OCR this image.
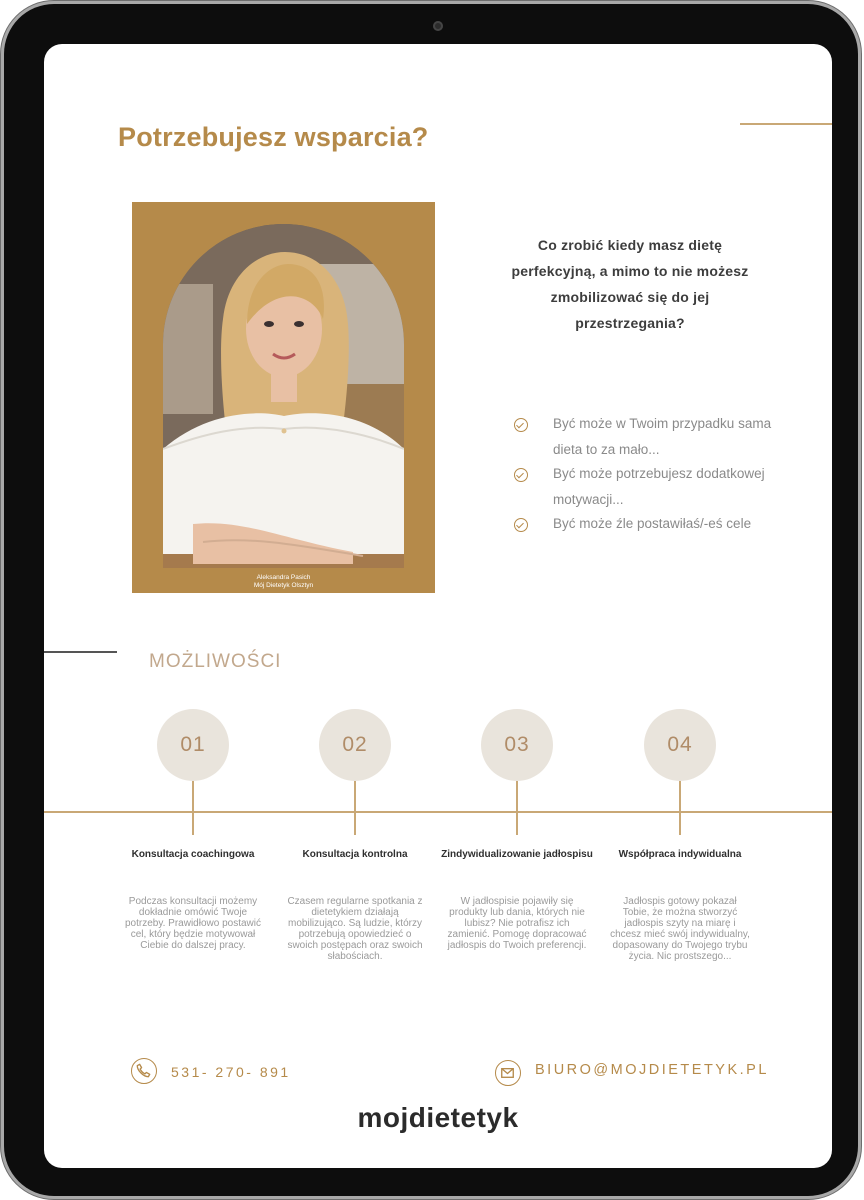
Potrzebujesz wsparcia?
Aleksandra Pasich
Mój Dietetyk Olsztyn

Co zrobić kiedy masz dietę perfekcyjną, a mimo to nie możesz zmobilizować się do jej przestrzegania?

Być może w Twoim przypadku sama dieta to za mało...
Być może potrzebujesz dodatkowej motywacji...
Być może źle postawiłaś/-eś cele
MOŻLIWOŚCI
01
Konsultacja coachingowa
Podczas konsultacji możemy dokładnie omówić Twoje potrzeby. Prawidłowo postawić cel, który będzie motywował Ciebie do dalszej pracy.
02
Konsultacja kontrolna
Czasem regularne spotkania z dietetykiem działają mobilizująco. Są ludzie, którzy potrzebują opowiedzieć o swoich postępach oraz swoich słabościach.
03
Zindywidualizowanie jadłospisu
W jadłospisie pojawiły się produkty lub dania, których nie lubisz? Nie potrafisz ich zamienić. Pomogę dopracować jadłospis do Twoich preferencji.
04
Współpraca indywidualna
Jadłospis gotowy pokazał Tobie, że można stworzyć jadłospis szyty na miarę i chcesz mieć swój indywidualny, dopasowany do Twojego trybu życia. Nic prostszego...
531- 270- 891	BIURO@MOJDIETETYK.PL
mojdietetyk
